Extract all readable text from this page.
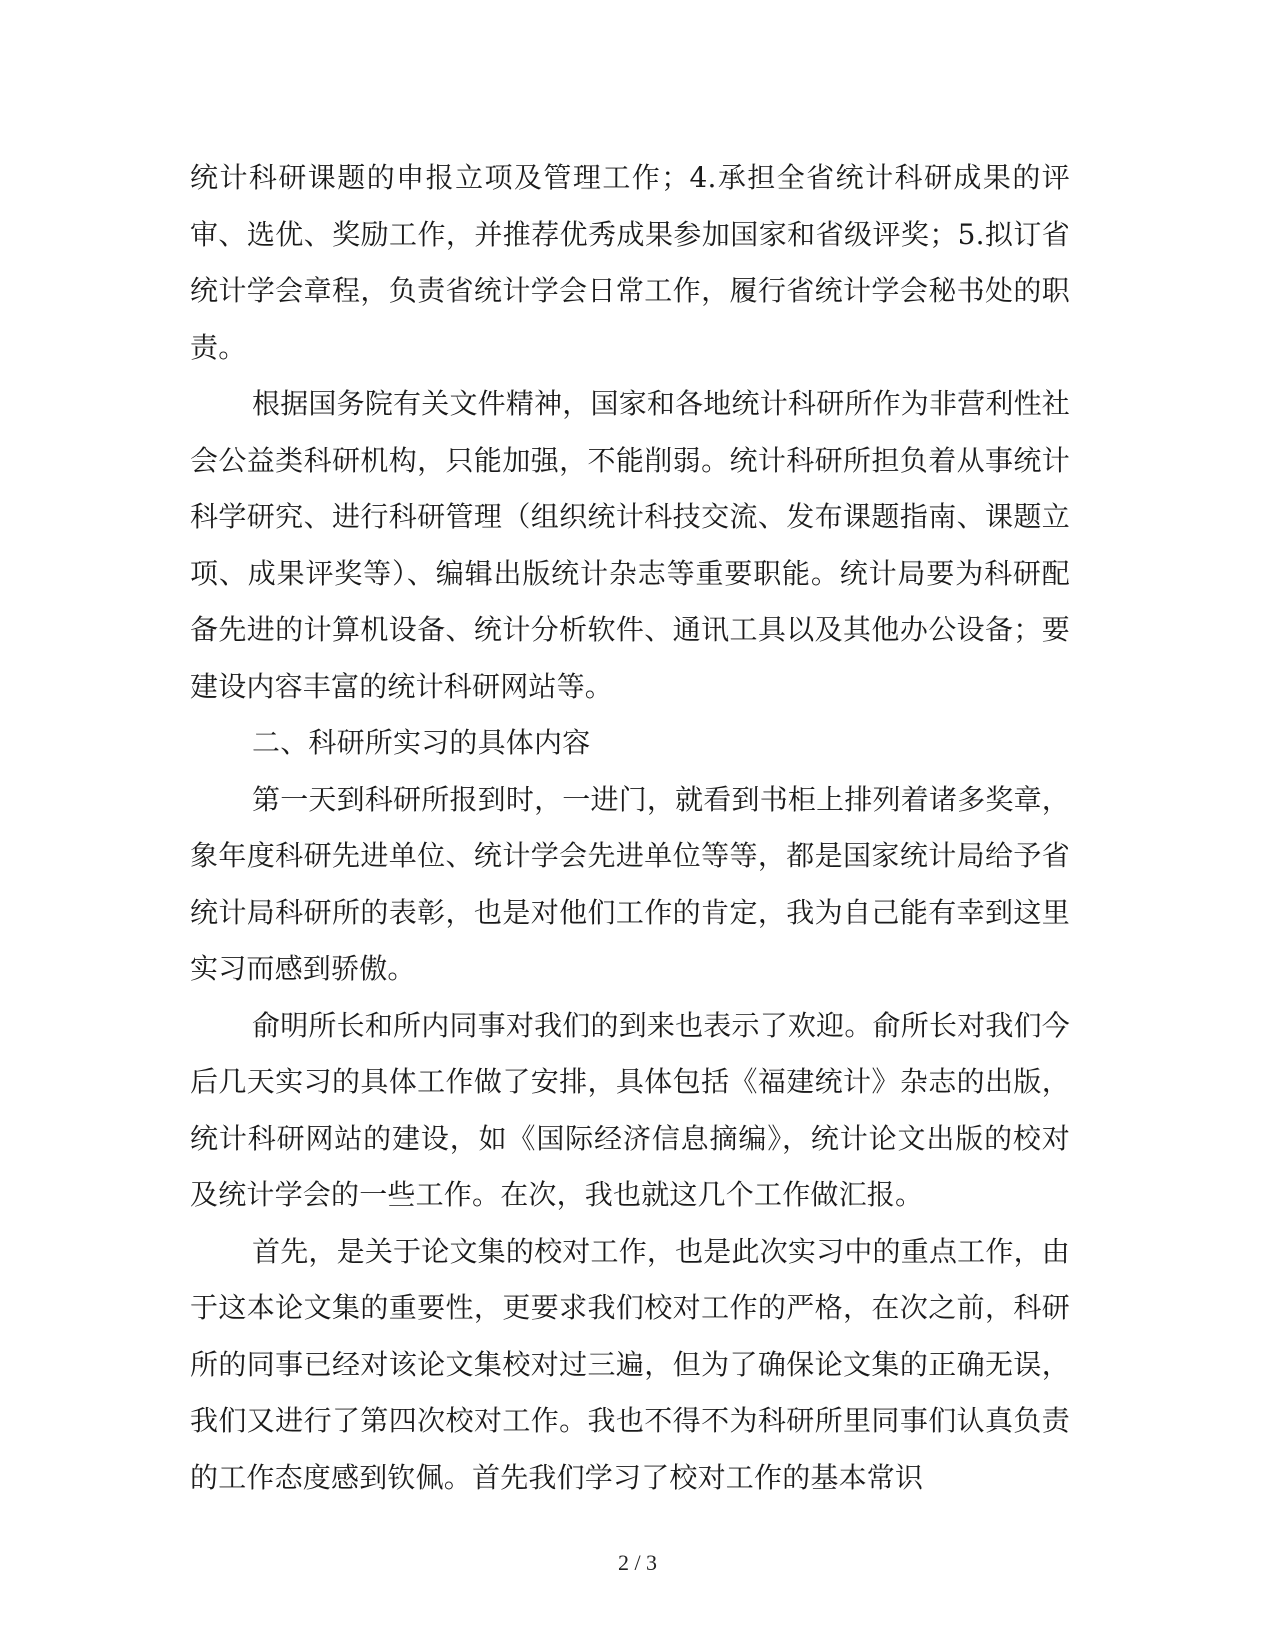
统计科研课题的申报立项及管理工作；4.承担全省统计科研成果的评审、选优、奖励工作，并推荐优秀成果参加国家和省级评奖；5.拟订省统计学会章程，负责省统计学会日常工作，履行省统计学会秘书处的职责。

根据国务院有关文件精神，国家和各地统计科研所作为非营利性社会公益类科研机构，只能加强，不能削弱。统计科研所担负着从事统计科学研究、进行科研管理（组织统计科技交流、发布课题指南、课题立项、成果评奖等）、编辑出版统计杂志等重要职能。统计局要为科研配备先进的计算机设备、统计分析软件、通讯工具以及其他办公设备；要建设内容丰富的统计科研网站等。

二、科研所实习的具体内容

第一天到科研所报到时，一进门，就看到书柜上排列着诸多奖章，象年度科研先进单位、统计学会先进单位等等，都是国家统计局给予省统计局科研所的表彰，也是对他们工作的肯定，我为自己能有幸到这里实习而感到骄傲。

俞明所长和所内同事对我们的到来也表示了欢迎。俞所长对我们今后几天实习的具体工作做了安排，具体包括《福建统计》杂志的出版，统计科研网站的建设，如《国际经济信息摘编》，统计论文出版的校对及统计学会的一些工作。在次，我也就这几个工作做汇报。

首先，是关于论文集的校对工作，也是此次实习中的重点工作，由于这本论文集的重要性，更要求我们校对工作的严格，在次之前，科研所的同事已经对该论文集校对过三遍，但为了确保论文集的正确无误，我们又进行了第四次校对工作。我也不得不为科研所里同事们认真负责的工作态度感到钦佩。首先我们学习了校对工作的基本常识

2 / 3
